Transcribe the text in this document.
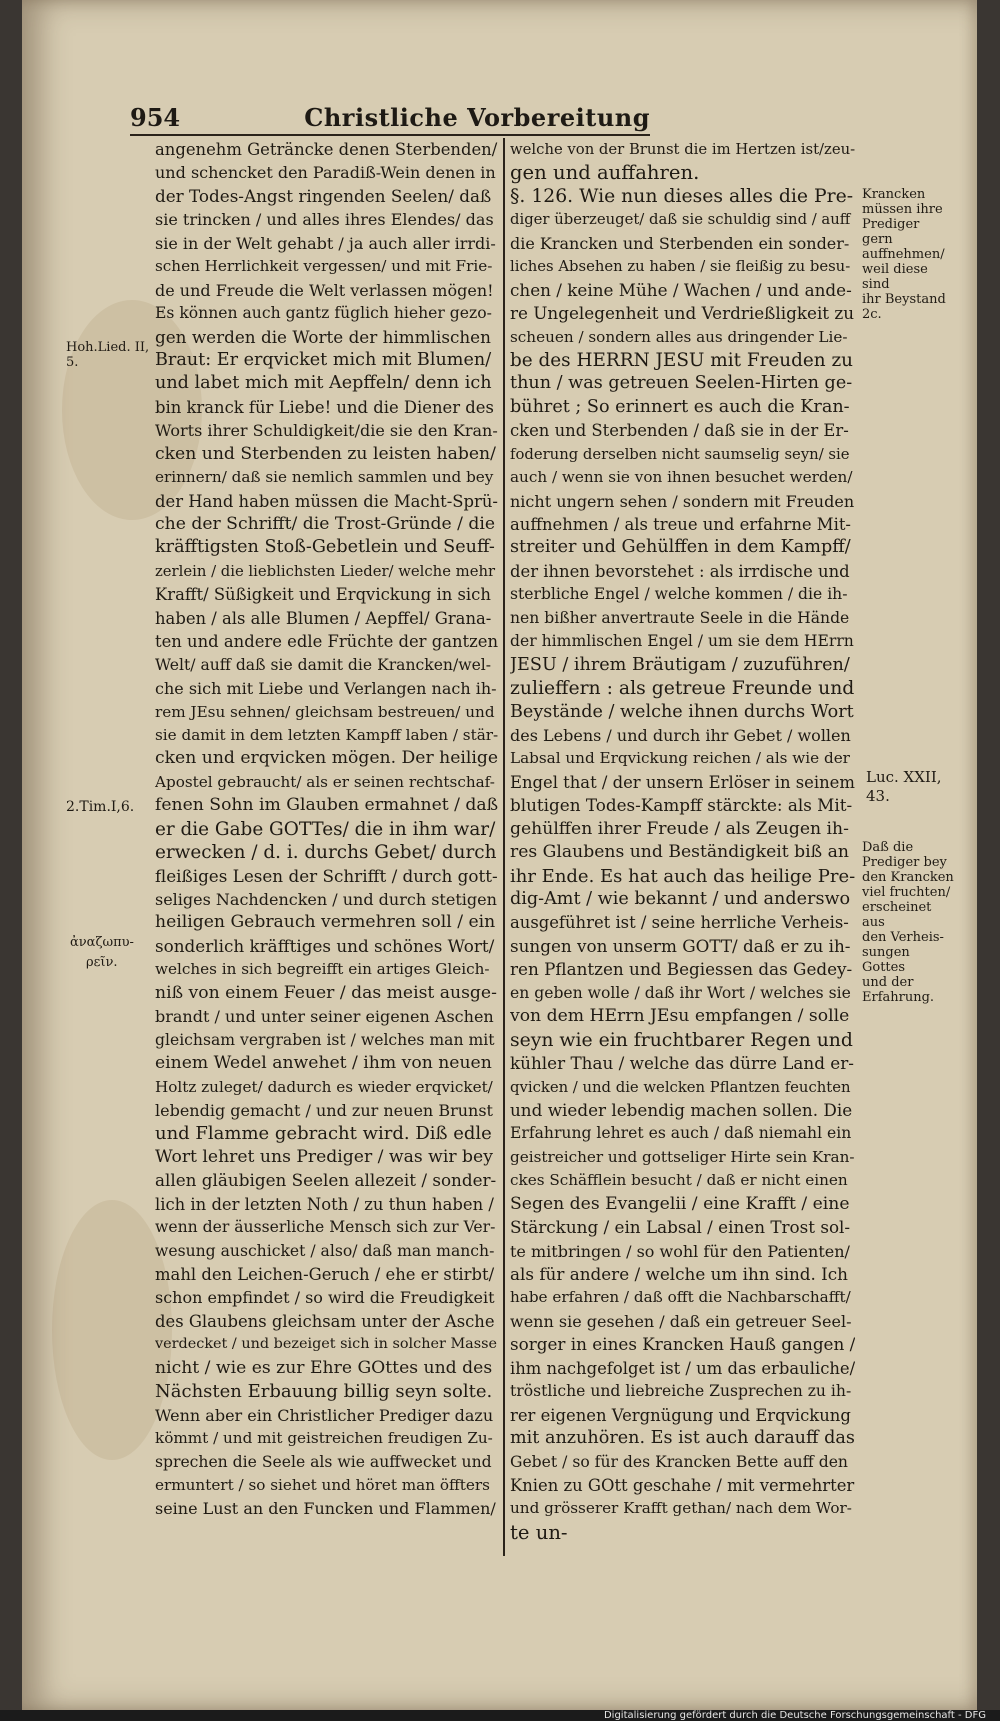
954	Christliche Vorbereitung
angenehm Geträncke denen Sterbenden/
und schencket den Paradiß-Wein denen in
der Todes-Angst ringenden Seelen/ daß
sie trincken / und alles ihres Elendes/ das
sie in der Welt gehabt / ja auch aller irrdi-
schen Herrlichkeit vergessen/ und mit Frie-
de und Freude die Welt verlassen mögen!
Es können auch gantz füglich hieher gezo-
gen werden die Worte der himmlischen
Braut: Er erqvicket mich mit Blumen/
und labet mich mit Aepffeln/ denn ich
bin kranck für Liebe! und die Diener des
Worts ihrer Schuldigkeit/die sie den Kran-
cken und Sterbenden zu leisten haben/
erinnern/ daß sie nemlich sammlen und bey
der Hand haben müssen die Macht-Sprü-
che der Schrifft/ die Trost-Gründe / die
kräfftigsten Stoß-Gebetlein und Seuff-
zerlein / die lieblichsten Lieder/ welche mehr
Krafft/ Süßigkeit und Erqvickung in sich
haben / als alle Blumen / Aepffel/ Grana-
ten und andere edle Früchte der gantzen
Welt/ auff daß sie damit die Krancken/wel-
che sich mit Liebe und Verlangen nach ih-
rem JEsu sehnen/ gleichsam bestreuen/ und
sie damit in dem letzten Kampff laben / stär-
cken und erqvicken mögen. Der heilige
Apostel gebraucht/ als er seinen rechtschaf-
fenen Sohn im Glauben ermahnet / daß
er die Gabe GOTTes/ die in ihm war/
erwecken / d. i. durchs Gebet/ durch
fleißiges Lesen der Schrifft / durch gott-
seliges Nachdencken / und durch stetigen
heiligen Gebrauch vermehren soll / ein
sonderlich kräfftiges und schönes Wort/
welches in sich begreifft ein artiges Gleich-
niß von einem Feuer / das meist ausge-
brandt / und unter seiner eigenen Aschen
gleichsam vergraben ist / welches man mit
einem Wedel anwehet / ihm von neuen
Holtz zuleget/ dadurch es wieder erqvicket/
lebendig gemacht / und zur neuen Brunst
und Flamme gebracht wird. Diß edle
Wort lehret uns Prediger / was wir bey
allen gläubigen Seelen allezeit / sonder-
lich in der letzten Noth / zu thun haben /
wenn der äusserliche Mensch sich zur Ver-
wesung auschicket / also/ daß man manch-
mahl den Leichen-Geruch / ehe er stirbt/
schon empfindet / so wird die Freudigkeit
des Glaubens gleichsam unter der Asche
verdecket / und bezeiget sich in solcher Masse
nicht / wie es zur Ehre GOttes und des
Nächsten Erbauung billig seyn solte.
Wenn aber ein Christlicher Prediger dazu
kömmt / und mit geistreichen freudigen Zu-
sprechen die Seele als wie auffwecket und
ermuntert / so siehet und höret man öffters
seine Lust an den Funcken und Flammen/
welche von der Brunst die im Hertzen ist/zeu-
gen und auffahren.
§. 126. Wie nun dieses alles die Pre-
diger überzeuget/ daß sie schuldig sind / auff
die Krancken und Sterbenden ein sonder-
liches Absehen zu haben / sie fleißig zu besu-
chen / keine Mühe / Wachen / und ande-
re Ungelegenheit und Verdrießligkeit zu
scheuen / sondern alles aus dringender Lie-
be des HERRN JESU mit Freuden zu
thun / was getreuen Seelen-Hirten ge-
bühret ; So erinnert es auch die Kran-
cken und Sterbenden / daß sie in der Er-
foderung derselben nicht saumselig seyn/ sie
auch / wenn sie von ihnen besuchet werden/
nicht ungern sehen / sondern mit Freuden
auffnehmen / als treue und erfahrne Mit-
streiter und Gehülffen in dem Kampff/
der ihnen bevorstehet : als irrdische und
sterbliche Engel / welche kommen / die ih-
nen bißher anvertraute Seele in die Hände
der himmlischen Engel / um sie dem HErrn
JESU / ihrem Bräutigam / zuzuführen/
zulieffern : als getreue Freunde und
Beyständе / welche ihnen durchs Wort
des Lebens / und durch ihr Gebet / wollen
Labsal und Erqvickung reichen / als wie der
Engel that / der unsern Erlöser in seinem
blutigen Todes-Kampff stärckte: als Mit-
gehülffen ihrer Freude / als Zeugen ih-
res Glaubens und Beständigkeit biß an
ihr Ende. Es hat auch das heilige Pre-
dig-Amt / wie bekannt / und anderswo
ausgeführet ist / seine herrliche Verheis-
sungen von unserm GOTT/ daß er zu ih-
ren Pflantzen und Begiessen das Gedey-
en geben wolle / daß ihr Wort / welches sie
von dem HErrn JEsu empfangen / solle
seyn wie ein fruchtbarer Regen und
kühler Thau / welche das dürre Land er-
qvicken / und die welcken Pflantzen feuchten
und wieder lebendig machen sollen. Die
Erfahrung lehret es auch / daß niemahl ein
geistreicher und gottseliger Hirte sein Kran-
ckes Schäfflein besucht / daß er nicht einen
Segen des Evangelii / eine Krafft / eine
Stärckung / ein Labsal / einen Trost sol-
te mitbringen / so wohl für den Patienten/
als für andere / welche um ihn sind. Ich
habe erfahren / daß offt die Nachbarschafft/
wenn sie gesehen / daß ein getreuer Seel-
sorger in eines Krancken Hauß gangen /
ihm nachgefolget ist / um das erbauliche/
tröstliche und liebreiche Zusprechen zu ih-
rer eigenen Vergnügung und Erqvickung
mit anzuhören. Es ist auch darauff das
Gebet / so für des Krancken Bette auff den
Knien zu GOtt geschahe / mit vermehrter
und grösserer Krafft gethan/ nach dem Wor-
te un-
Hoh.Lied. II, 5.
2.Tim.I,6.
ἀναζωπυ-
ρεῖν.
Krancken
müssen ihre
Prediger gern
auffnehmen/
weil diese sind
ihr Beystand
2c.
Luc. XXII,
43.
Daß die
Prediger bey
den Krancken
viel fruchten/
erscheinet aus
den Verheis-
sungen Gottes
und der
Erfahrung.
Digitalisierung gefördert durch die Deutsche Forschungsgemeinschaft - DFG
